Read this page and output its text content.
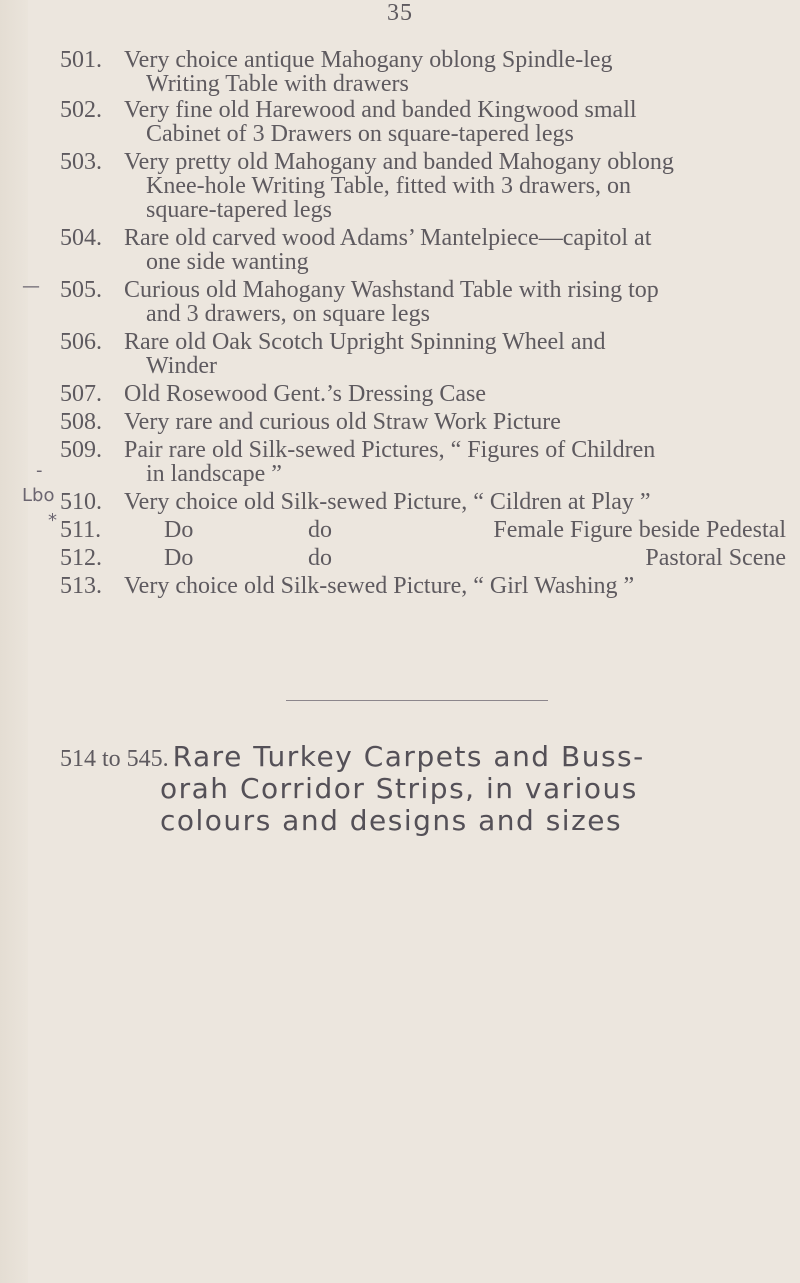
35
—
-
Lbo
*
501. Very choice antique Mahogany oblong Spindle-leg
Writing Table with drawers
502. Very fine old Harewood and banded Kingwood small
Cabinet of 3 Drawers on square-tapered legs
503. Very pretty old Mahogany and banded Mahogany oblong
Knee-hole Writing Table, fitted with 3 drawers, on
square-tapered legs
504. Rare old carved wood Adams’ Mantelpiece—capitol at
one side wanting
505. Curious old Mahogany Washstand Table with rising top
and 3 drawers, on square legs
506. Rare old Oak Scotch Upright Spinning Wheel and
Winder
507. Old Rosewood Gent.’s Dressing Case
508. Very rare and curious old Straw Work Picture
509. Pair rare old Silk-sewed Pictures, “ Figures of Children
in landscape ”
510. Very choice old Silk-sewed Picture, “ Cildren at Play ”
511.	Do	do	Female Figure beside Pedestal
512.	Do	do	Pastoral Scene
513. Very choice old Silk-sewed Picture, “ Girl Washing ”
514 to 545. Rare Turkey Carpets and Buss-
orah Corridor Strips, in various
colours and designs and sizes
